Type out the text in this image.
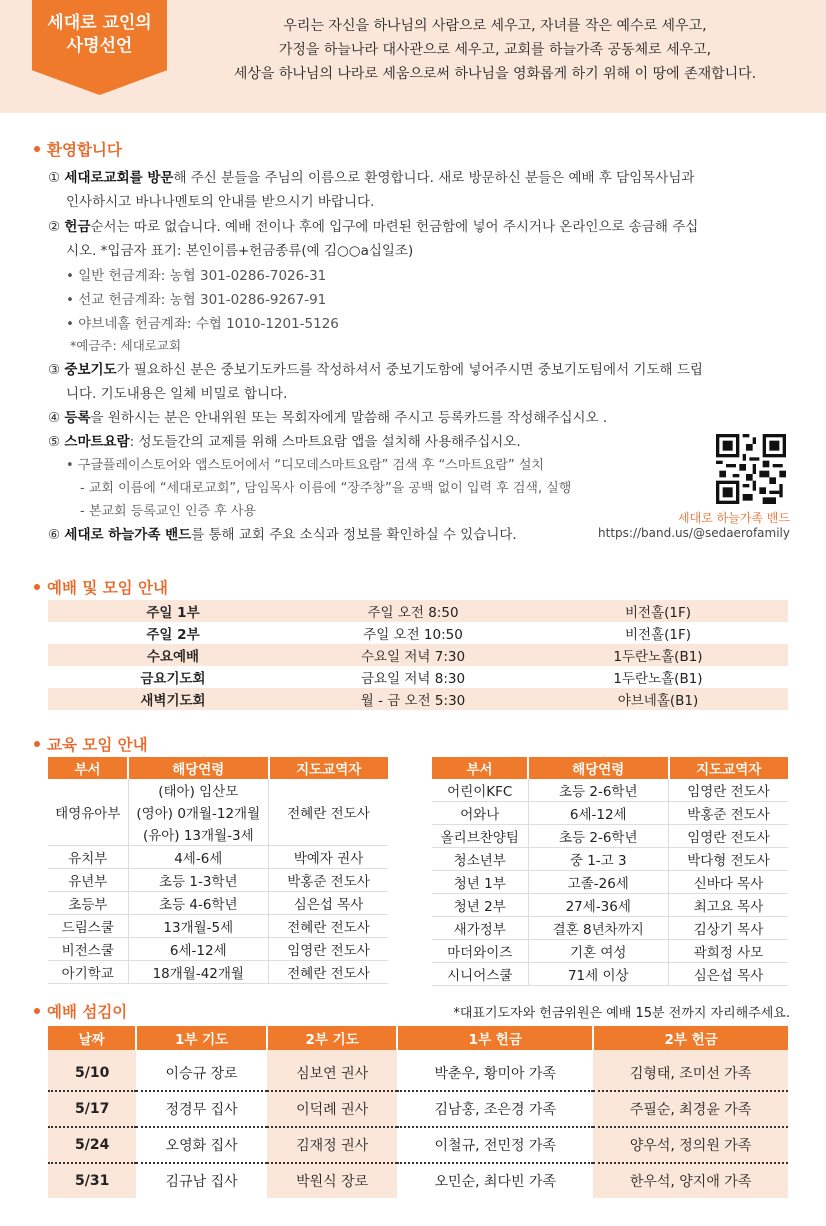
세대로 교인의
사명선언
우리는 자신을 하나님의 사람으로 세우고, 자녀를 작은 예수로 세우고,
가정을 하늘나라 대사관으로 세우고, 교회를 하늘가족 공동체로 세우고,
세상을 하나님의 나라로 세움으로써 하나님을 영화롭게 하기 위해 이 땅에 존재합니다.
환영합니다
① 세대로교회를 방문해 주신 분들을 주님의 이름으로 환영합니다. 새로 방문하신 분들은 예배 후 담임목사님과
인사하시고 바나나멘토의 안내를 받으시기 바랍니다.
② 헌금순서는 따로 없습니다. 예배 전이나 후에 입구에 마련된 헌금함에 넣어 주시거나 온라인으로 송금해 주십
시오. *입금자 표기: 본인이름+헌금종류(예 김○○a십일조)
• 일반 헌금계좌: 농협 301-0286-7026-31
• 선교 헌금계좌: 농협 301-0286-9267-91
• 야브네홀 헌금계좌: 수협 1010-1201-5126
*예금주: 세대로교회
③ 중보기도가 필요하신 분은 중보기도카드를 작성하셔서 중보기도함에 넣어주시면 중보기도팀에서 기도해 드립
니다. 기도내용은 일체 비밀로 합니다.
④ 등록을 원하시는 분은 안내위원 또는 목회자에게 말씀해 주시고 등록카드를 작성해주십시오 .
⑤ 스마트요람: 성도들간의 교제를 위해 스마트요람 앱을 설치해 사용해주십시오.
• 구글플레이스토어와 앱스토어에서 “디모데스마트요람” 검색 후 “스마트요람” 설치
- 교회 이름에 “세대로교회”, 담임목사 이름에 “장주창”을 공백 없이 입력 후 검색, 실행
- 본교회 등록교인 인증 후 사용
⑥ 세대로 하늘가족 밴드를 통해 교회 주요 소식과 정보를 확인하실 수 있습니다.
세대로 하늘가족 밴드
https://band.us/@sedaerofamily
예배 및 모임 안내
주일 1부	주일 오전 8:50	비전홀(1F)
주일 2부	주일 오전 10:50	비전홀(1F)
수요예배	수요일 저녁 7:30	1두란노홀(B1)
금요기도회	금요일 저녁 8:30	1두란노홀(B1)
새벽기도회	월 - 금 오전 5:30	야브네홀(B1)
교육 모임 안내
부서	해당연령	지도교역자
태영유아부	(태아) 임산모	전혜란 전도사
	(영아) 0개월-12개월	
	(유아) 13개월-3세	
유치부	4세-6세	박예자 권사
유년부	초등 1-3학년	박홍준 전도사
초등부	초등 4-6학년	심은섭 목사
드림스쿨	13개월-5세	전혜란 전도사
비전스쿨	6세-12세	임영란 전도사
아기학교	18개월-42개월	전혜란 전도사
부서	해당연령	지도교역자
어린이KFC	초등 2-6학년	임영란 전도사
어와나	6세-12세	박홍준 전도사
올리브찬양팀	초등 2-6학년	임영란 전도사
청소년부	중 1-고 3	박다형 전도사
청년 1부	고졸-26세	신바다 목사
청년 2부	27세-36세	최고요 목사
새가정부	결혼 8년차까지	김상기 목사
마더와이즈	기혼 여성	곽희정 사모
시니어스쿨	71세 이상	심은섭 목사
예배 섬김이	*대표기도자와 헌금위원은 예배 15분 전까지 자리해주세요.
날짜	1부 기도	2부 기도	1부 헌금	2부 헌금
5/10	이승규 장로	심보연 권사	박춘우, 황미아 가족	김형태, 조미선 가족
5/17	정경무 집사	이덕례 권사	김남홍, 조은경 가족	주필순, 최경윤 가족
5/24	오영화 집사	김재정 권사	이철규, 전민정 가족	양우석, 정의원 가족
5/31	김규남 집사	박원식 장로	오민순, 최다빈 가족	한우석, 양지애 가족
